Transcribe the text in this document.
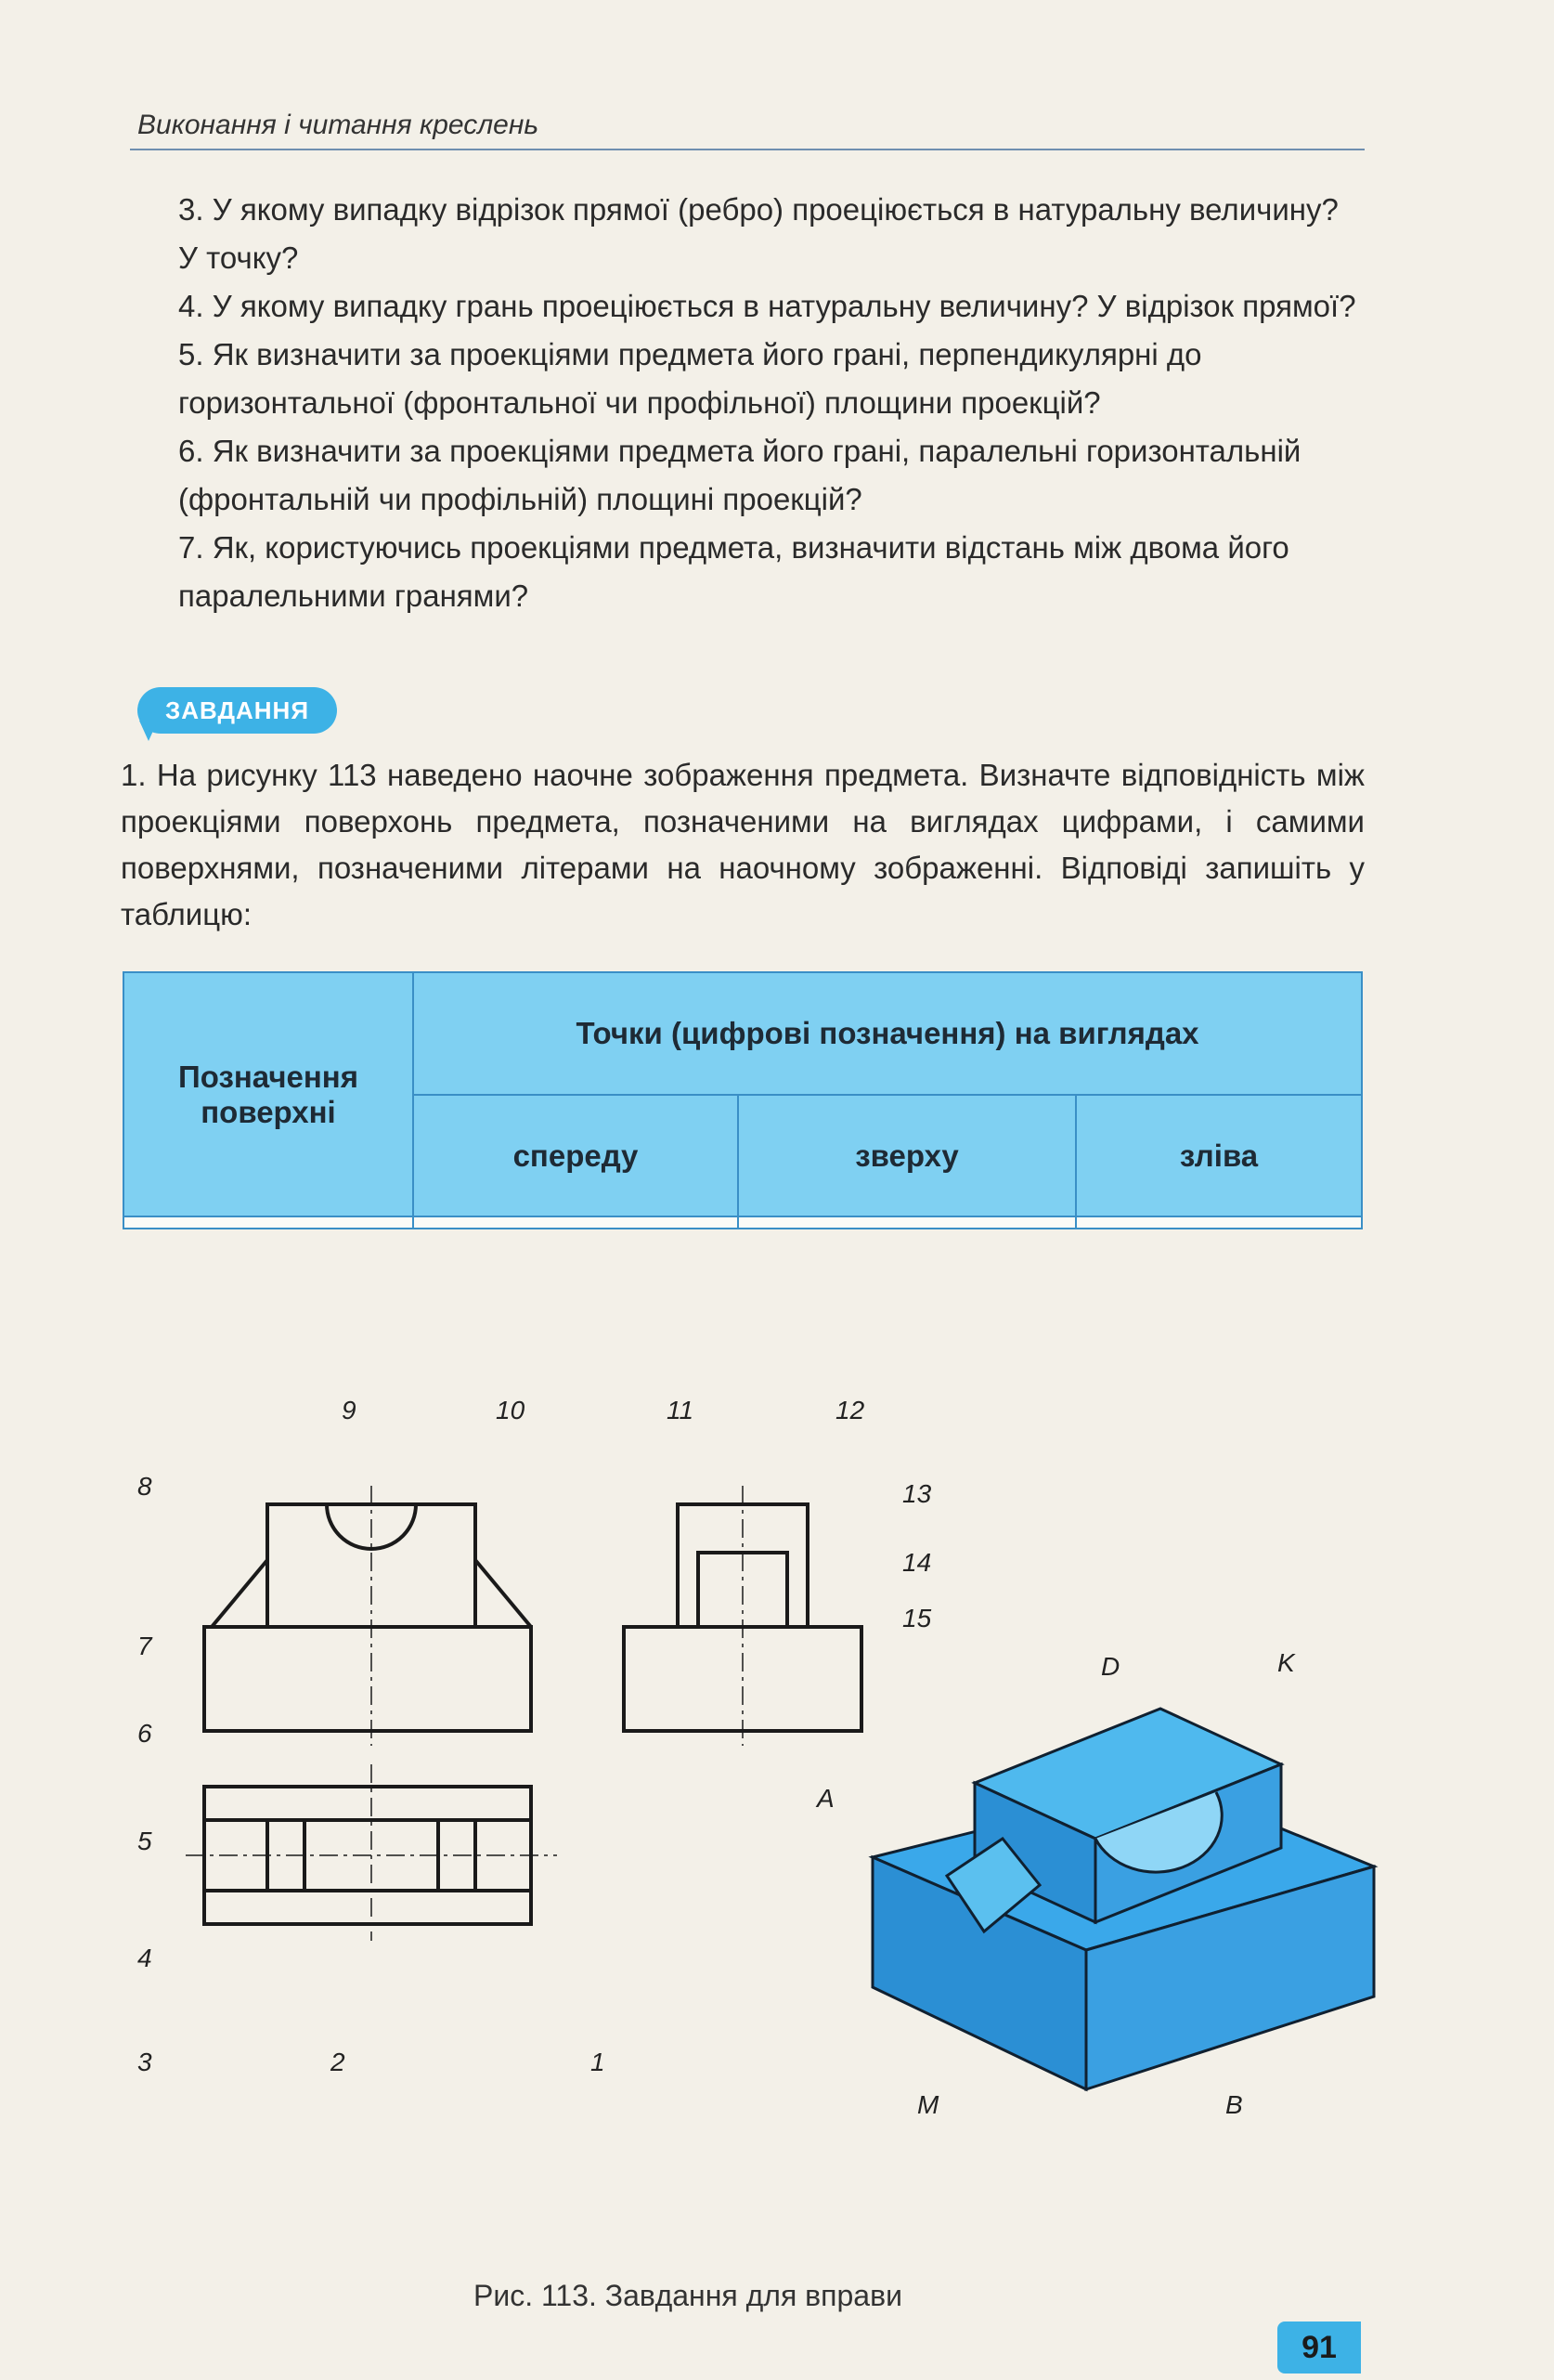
Виконання і читання креслень

3. У якому випадку відрізок прямої (ребро) проеціюється в натуральну величину? У точку?

4. У якому випадку грань проеціюється в натуральну величину? У відрізок прямої?

5. Як визначити за проекціями предмета його грані, перпендикулярні до горизонтальної (фронтальної чи профільної) площини проекцій?

6. Як визначити за проекціями предмета його грані, паралельні горизонтальній (фронтальній чи профільній) площині проекцій?

7. Як, користуючись проекціями предмета, визначити відстань між двома його паралельними гранями?

ЗАВДАННЯ
1. На рисунку 113 наведено наочне зображення предмета. Визначте відповідність між проекціями поверхонь предмета, позначеними на виглядах цифрами, і самими поверхнями, позначеними літерами на наочному зображенні. Відповіді запишіть у таблицю:
Позначення поверхні	Точки (цифрові позначення) на виглядах		
	спереду	зверху	зліва

9	10	11	12
8	13
14
15
7
6
5
4
3	2	1
D	K
A
M	B
Рис. 113. Завдання для вправи
91
